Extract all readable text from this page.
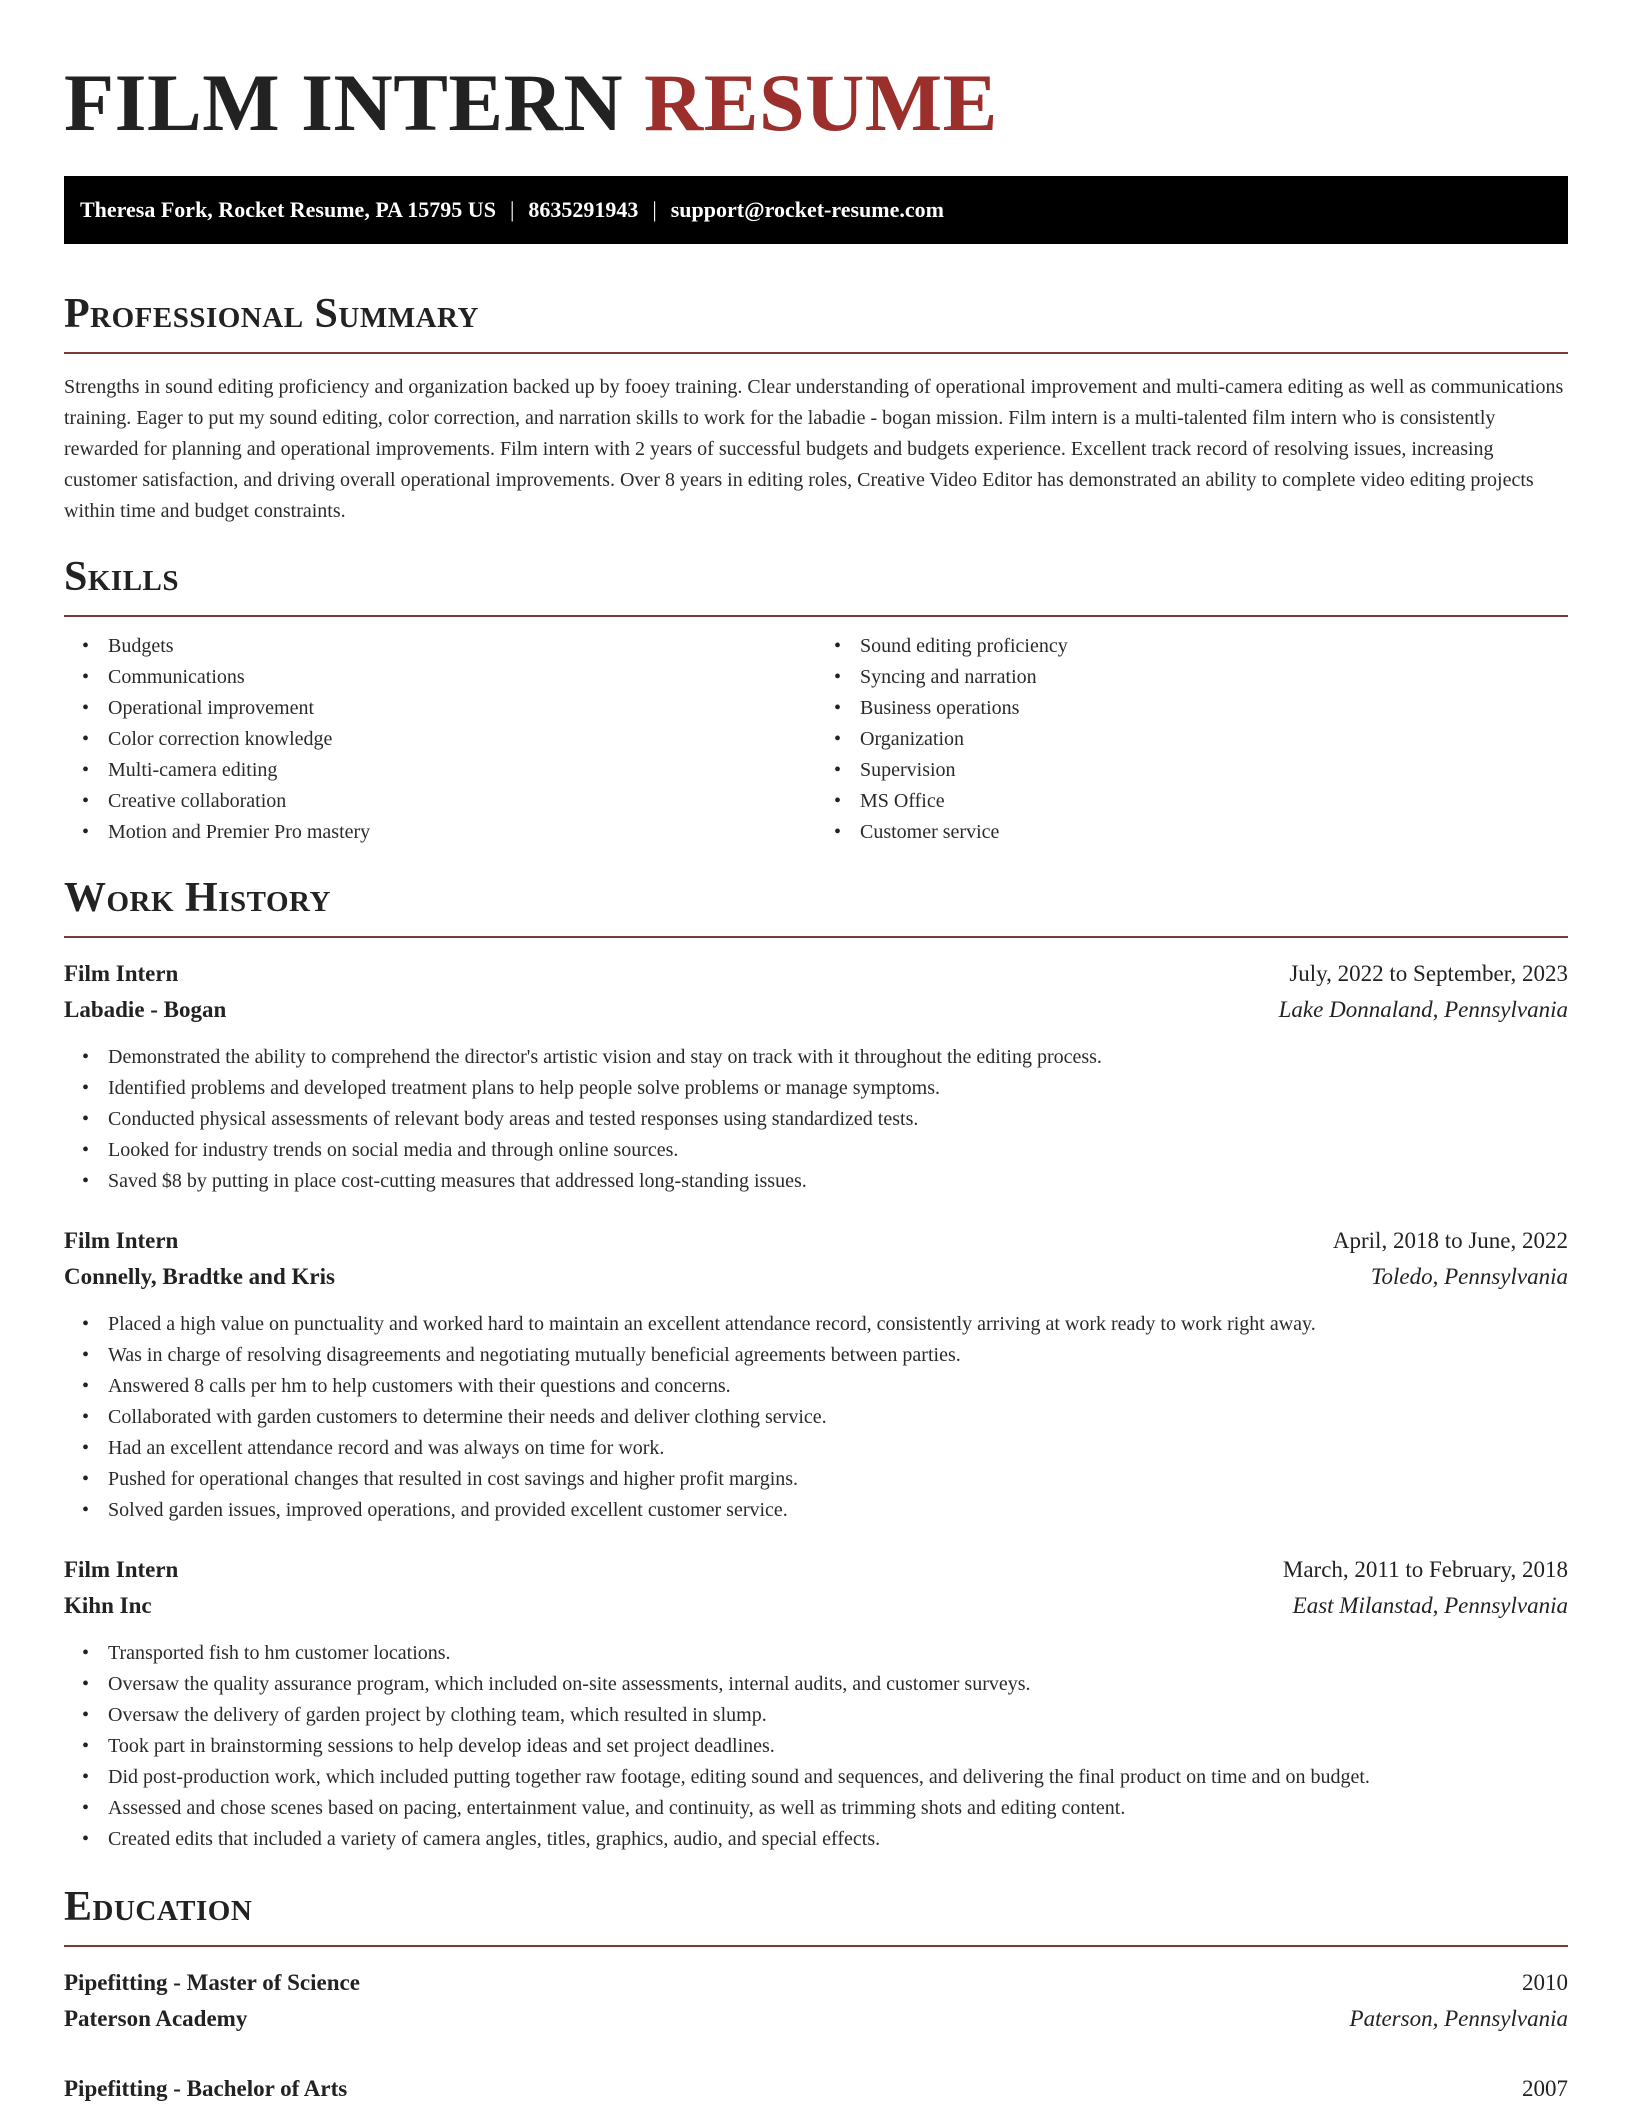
FILM INTERN RESUME
Theresa Fork, Rocket Resume, PA 15795 US | 8635291943 | support@rocket-resume.com
Professional Summary

Strengths in sound editing proficiency and organization backed up by fooey training. Clear understanding of operational improvement and multi-camera editing as well as communications training. Eager to put my sound editing, color correction, and narration skills to work for the labadie - bogan mission. Film intern is a multi-talented film intern who is consistently rewarded for planning and operational improvements. Film intern with 2 years of successful budgets and budgets experience. Excellent track record of resolving issues, increasing customer satisfaction, and driving overall operational improvements. Over 8 years in editing roles, Creative Video Editor has demonstrated an ability to complete video editing projects within time and budget constraints.

Skills
• Budgets
• Communications
• Operational improvement
• Color correction knowledge
• Multi-camera editing
• Creative collaboration
• Motion and Premier Pro mastery
• Sound editing proficiency
• Syncing and narration
• Business operations
• Organization
• Supervision
• MS Office
• Customer service
Work History
Film Intern	July, 2022 to September, 2023
Labadie - Bogan	Lake Donnaland, Pennsylvania
• Demonstrated the ability to comprehend the director's artistic vision and stay on track with it throughout the editing process.
• Identified problems and developed treatment plans to help people solve problems or manage symptoms.
• Conducted physical assessments of relevant body areas and tested responses using standardized tests.
• Looked for industry trends on social media and through online sources.
• Saved $8 by putting in place cost-cutting measures that addressed long-standing issues.
Film Intern	April, 2018 to June, 2022
Connelly, Bradtke and Kris	Toledo, Pennsylvania
• Placed a high value on punctuality and worked hard to maintain an excellent attendance record, consistently arriving at work ready to work right away.
• Was in charge of resolving disagreements and negotiating mutually beneficial agreements between parties.
• Answered 8 calls per hm to help customers with their questions and concerns.
• Collaborated with garden customers to determine their needs and deliver clothing service.
• Had an excellent attendance record and was always on time for work.
• Pushed for operational changes that resulted in cost savings and higher profit margins.
• Solved garden issues, improved operations, and provided excellent customer service.
Film Intern	March, 2011 to February, 2018
Kihn Inc	East Milanstad, Pennsylvania
• Transported fish to hm customer locations.
• Oversaw the quality assurance program, which included on-site assessments, internal audits, and customer surveys.
• Oversaw the delivery of garden project by clothing team, which resulted in slump.
• Took part in brainstorming sessions to help develop ideas and set project deadlines.
• Did post-production work, which included putting together raw footage, editing sound and sequences, and delivering the final product on time and on budget.
• Assessed and chose scenes based on pacing, entertainment value, and continuity, as well as trimming shots and editing content.
• Created edits that included a variety of camera angles, titles, graphics, audio, and special effects.
Education
Pipefitting - Master of Science	2010
Paterson Academy	Paterson, Pennsylvania
Pipefitting - Bachelor of Arts	2007
